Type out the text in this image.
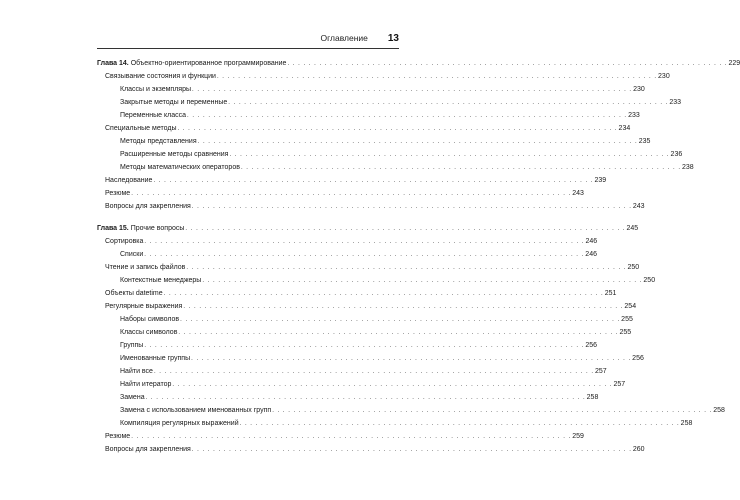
Оглавление 13
Глава 14. Объектно-ориентированное программирование . . . . . . . . . . . . . . . . . . . . . . . . . . . . . . . . . . . . . . . . . . . . . . . . . . . . . . . . . . . . . . . . . . . . . . . . . . . . . . . . . . . 229
Связывание состояния и функции . . . . . . . . . . . . . . . . . . . . . . . . . . . . . . . . . . . . . . . . . . . . . . . . . . . . . . . . . . . . . . . . . . . . . . . . . . . . . . . . . . . 230
Классы и экземпляры . . . . . . . . . . . . . . . . . . . . . . . . . . . . . . . . . . . . . . . . . . . . . . . . . . . . . . . . . . . . . . . . . . . . . . . . . . . . . . . . . . . 230
Закрытые методы и переменные . . . . . . . . . . . . . . . . . . . . . . . . . . . . . . . . . . . . . . . . . . . . . . . . . . . . . . . . . . . . . . . . . . . . . . . . . . . . . . . . . . . 233
Переменные класса . . . . . . . . . . . . . . . . . . . . . . . . . . . . . . . . . . . . . . . . . . . . . . . . . . . . . . . . . . . . . . . . . . . . . . . . . . . . . . . . . . . 233
Специальные методы . . . . . . . . . . . . . . . . . . . . . . . . . . . . . . . . . . . . . . . . . . . . . . . . . . . . . . . . . . . . . . . . . . . . . . . . . . . . . . . . . . . 234
Методы представления . . . . . . . . . . . . . . . . . . . . . . . . . . . . . . . . . . . . . . . . . . . . . . . . . . . . . . . . . . . . . . . . . . . . . . . . . . . . . . . . . . . 235
Расширенные методы сравнения . . . . . . . . . . . . . . . . . . . . . . . . . . . . . . . . . . . . . . . . . . . . . . . . . . . . . . . . . . . . . . . . . . . . . . . . . . . . . . . . . . . 236
Методы математических операторов . . . . . . . . . . . . . . . . . . . . . . . . . . . . . . . . . . . . . . . . . . . . . . . . . . . . . . . . . . . . . . . . . . . . . . . . . . . . . . . . . . . 238
Наследование . . . . . . . . . . . . . . . . . . . . . . . . . . . . . . . . . . . . . . . . . . . . . . . . . . . . . . . . . . . . . . . . . . . . . . . . . . . . . . . . . . . 239
Резюме . . . . . . . . . . . . . . . . . . . . . . . . . . . . . . . . . . . . . . . . . . . . . . . . . . . . . . . . . . . . . . . . . . . . . . . . . . . . . . . . . . . 243
Вопросы для закрепления . . . . . . . . . . . . . . . . . . . . . . . . . . . . . . . . . . . . . . . . . . . . . . . . . . . . . . . . . . . . . . . . . . . . . . . . . . . . . . . . . . . 243
Глава 15. Прочие вопросы . . . . . . . . . . . . . . . . . . . . . . . . . . . . . . . . . . . . . . . . . . . . . . . . . . . . . . . . . . . . . . . . . . . . . . . . . . . . . . . . . . . 245
Сортировка . . . . . . . . . . . . . . . . . . . . . . . . . . . . . . . . . . . . . . . . . . . . . . . . . . . . . . . . . . . . . . . . . . . . . . . . . . . . . . . . . . . 246
Списки . . . . . . . . . . . . . . . . . . . . . . . . . . . . . . . . . . . . . . . . . . . . . . . . . . . . . . . . . . . . . . . . . . . . . . . . . . . . . . . . . . . 246
Чтение и запись файлов . . . . . . . . . . . . . . . . . . . . . . . . . . . . . . . . . . . . . . . . . . . . . . . . . . . . . . . . . . . . . . . . . . . . . . . . . . . . . . . . . . . 250
Контекстные менеджеры . . . . . . . . . . . . . . . . . . . . . . . . . . . . . . . . . . . . . . . . . . . . . . . . . . . . . . . . . . . . . . . . . . . . . . . . . . . . . . . . . . . 250
Объекты datetime . . . . . . . . . . . . . . . . . . . . . . . . . . . . . . . . . . . . . . . . . . . . . . . . . . . . . . . . . . . . . . . . . . . . . . . . . . . . . . . . . . . 251
Регулярные выражения . . . . . . . . . . . . . . . . . . . . . . . . . . . . . . . . . . . . . . . . . . . . . . . . . . . . . . . . . . . . . . . . . . . . . . . . . . . . . . . . . . . 254
Наборы символов . . . . . . . . . . . . . . . . . . . . . . . . . . . . . . . . . . . . . . . . . . . . . . . . . . . . . . . . . . . . . . . . . . . . . . . . . . . . . . . . . . . 255
Классы символов . . . . . . . . . . . . . . . . . . . . . . . . . . . . . . . . . . . . . . . . . . . . . . . . . . . . . . . . . . . . . . . . . . . . . . . . . . . . . . . . . . . 255
Группы . . . . . . . . . . . . . . . . . . . . . . . . . . . . . . . . . . . . . . . . . . . . . . . . . . . . . . . . . . . . . . . . . . . . . . . . . . . . . . . . . . . 256
Именованные группы . . . . . . . . . . . . . . . . . . . . . . . . . . . . . . . . . . . . . . . . . . . . . . . . . . . . . . . . . . . . . . . . . . . . . . . . . . . . . . . . . . . 256
Найти все . . . . . . . . . . . . . . . . . . . . . . . . . . . . . . . . . . . . . . . . . . . . . . . . . . . . . . . . . . . . . . . . . . . . . . . . . . . . . . . . . . . 257
Найти итератор . . . . . . . . . . . . . . . . . . . . . . . . . . . . . . . . . . . . . . . . . . . . . . . . . . . . . . . . . . . . . . . . . . . . . . . . . . . . . . . . . . . 257
Замена . . . . . . . . . . . . . . . . . . . . . . . . . . . . . . . . . . . . . . . . . . . . . . . . . . . . . . . . . . . . . . . . . . . . . . . . . . . . . . . . . . . 258
Замена с использованием именованных групп . . . . . . . . . . . . . . . . . . . . . . . . . . . . . . . . . . . . . . . . . . . . . . . . . . . . . . . . . . . . . . . . . . . . . . . . . . . . . . . . . . . 258
Компиляция регулярных выражений . . . . . . . . . . . . . . . . . . . . . . . . . . . . . . . . . . . . . . . . . . . . . . . . . . . . . . . . . . . . . . . . . . . . . . . . . . . . . . . . . . . 258
Резюме . . . . . . . . . . . . . . . . . . . . . . . . . . . . . . . . . . . . . . . . . . . . . . . . . . . . . . . . . . . . . . . . . . . . . . . . . . . . . . . . . . . 259
Вопросы для закрепления . . . . . . . . . . . . . . . . . . . . . . . . . . . . . . . . . . . . . . . . . . . . . . . . . . . . . . . . . . . . . . . . . . . . . . . . . . . . . . . . . . . 260
